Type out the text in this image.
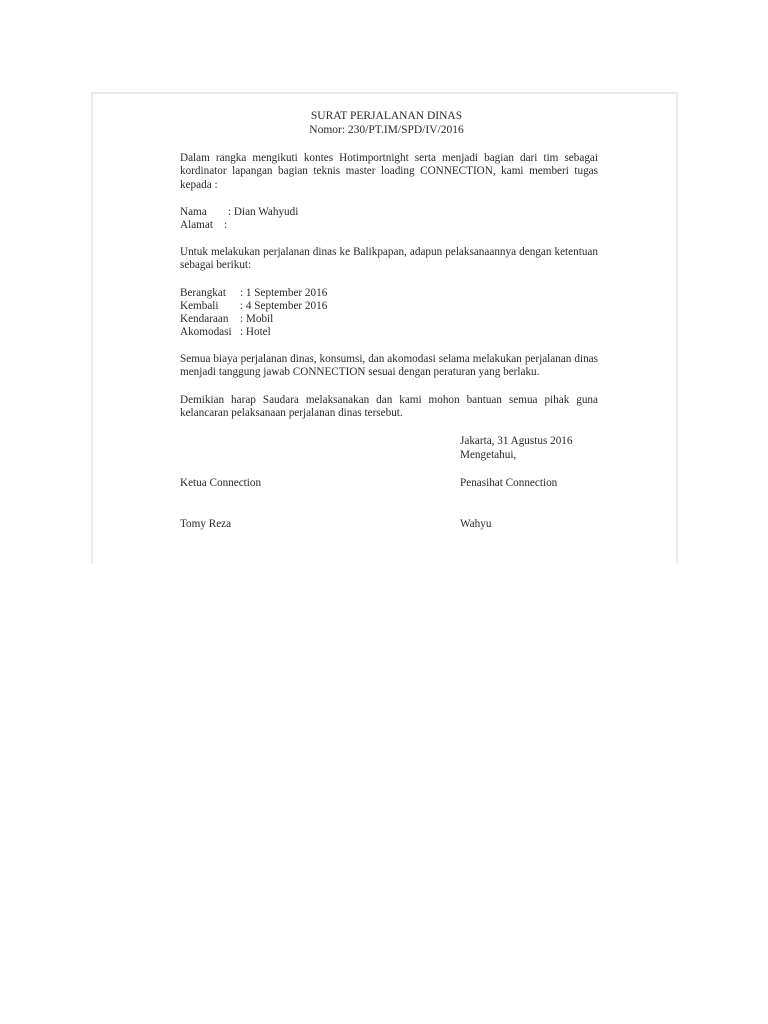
SURAT PERJALANAN DINAS
Nomor: 230/PT.IM/SPD/IV/2016
Dalam rangka mengikuti kontes Hotimportnight serta menjadi bagian dari tim sebagai kordinator lapangan bagian teknis master loading CONNECTION, kami memberi tugas kepada :
Nama : Dian Wahyudi
Alamat :
Untuk melakukan perjalanan dinas ke Balikpapan, adapun pelaksanaannya dengan ketentuan sebagai berikut:
Berangkat : 1 September 2016
Kembali : 4 September 2016
Kendaraan : Mobil
Akomodasi : Hotel
Semua biaya perjalanan dinas, konsumsi, dan akomodasi selama melakukan perjalanan dinas menjadi tanggung jawab CONNECTION sesuai dengan peraturan yang berlaku.
Demikian harap Saudara melaksanakan dan kami mohon bantuan semua pihak guna kelancaran pelaksanaan perjalanan dinas tersebut.
Jakarta, 31 Agustus 2016
Mengetahui,
Ketua Connection	Penasihat Connection
Tomy Reza	Wahyu
